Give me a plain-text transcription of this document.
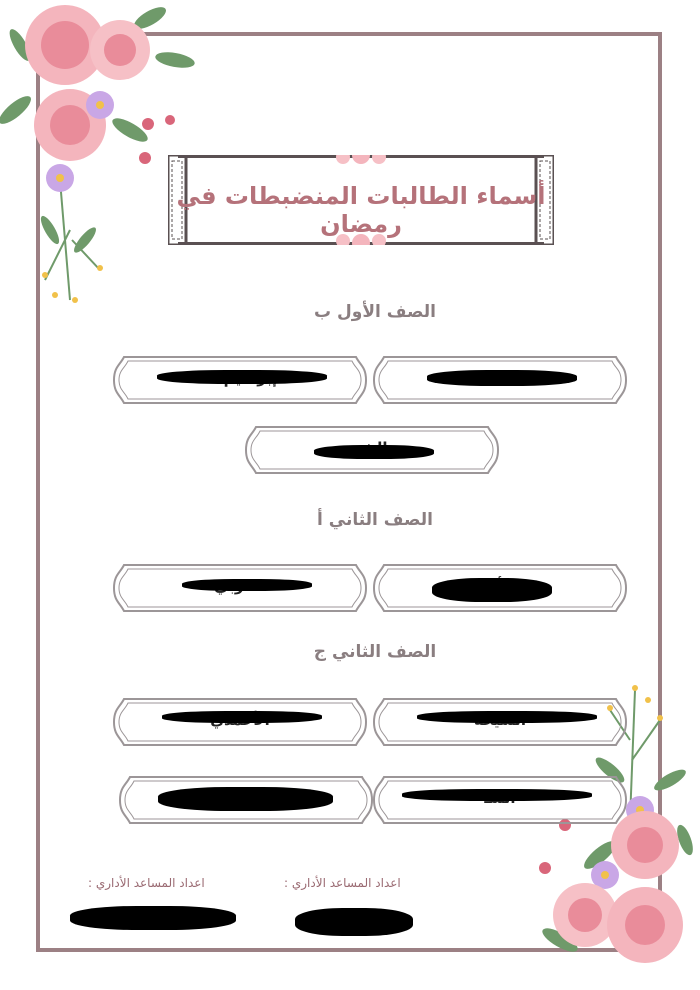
أسماء الطالبات المنضبطات في رمضان
الصف الأول ب
الصف الثاني أ
الصف الثاني ج
اعداد المساعد الأداري :
اعداد المساعد الأداري :
